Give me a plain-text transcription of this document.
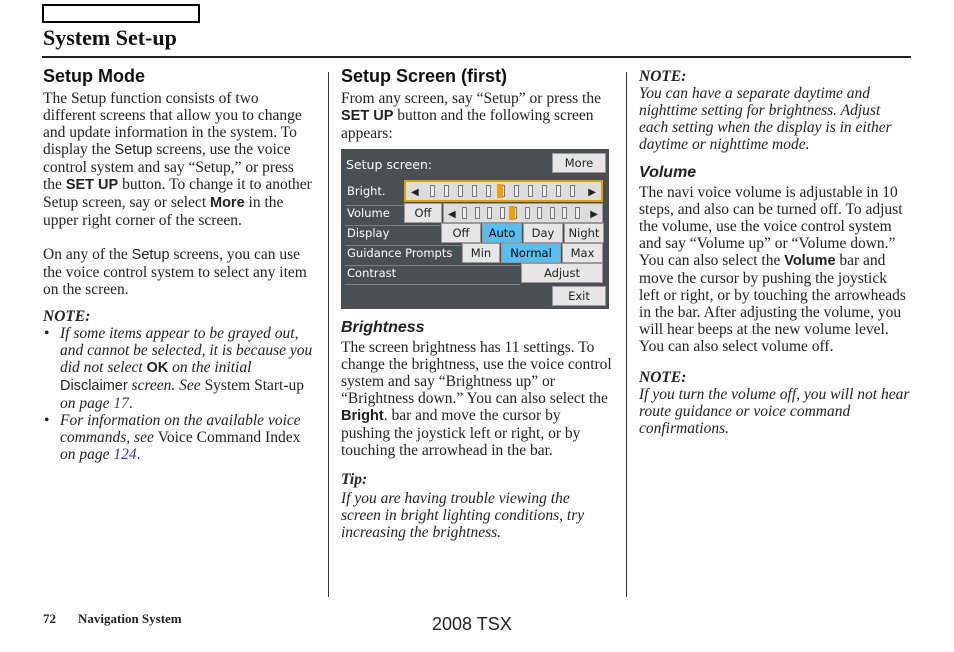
System Set-up
Setup Mode

The Setup function consists of two different screens that allow you to change and update information in the system. To display the Setup screens, use the voice control system and say “Setup,” or press the SET UP button. To change it to another Setup screen, say or select More in the upper right corner of the screen.

On any of the Setup screens, you can use the voice control system to select any item on the screen.

NOTE:

• If some items appear to be grayed out, and cannot be selected, it is because you did not select OK on the initial Disclaimer screen. See System Start-up on page 17.
• For information on the available voice commands, see Voice Command Index on page 124.
Setup Screen (first)

From any screen, say “Setup” or press the SET UP button and the following screen appears:

Setup screen:	More
Bright.	◀	▶
Volume	Off	◀	▶
Display	Off	Auto	Day	Night
Guidance Prompts	Min	Normal	Max
Contrast	Adjust
Exit
Brightness

The screen brightness has 11 settings. To change the brightness, use the voice control system and say “Brightness up” or “Brightness down.” You can also select the Bright. bar and move the cursor by pushing the joystick left or right, or by touching the arrowhead in the bar.

Tip:

If you are having trouble viewing the screen in bright lighting conditions, try increasing the brightness.

NOTE:

You can have a separate daytime and nighttime setting for brightness. Adjust each setting when the display is in either daytime or nighttime mode.

Volume

The navi voice volume is adjustable in 10 steps, and also can be turned off. To adjust the volume, use the voice control system and say “Volume up” or “Volume down.” You can also select the Volume bar and move the cursor by pushing the joystick left or right, or by touching the arrowheads in the bar. After adjusting the volume, you will hear beeps at the new volume level. You can also select volume off.

NOTE:

If you turn the volume off, you will not hear route guidance or voice command confirmations.

72 Navigation System	2008 TSX
